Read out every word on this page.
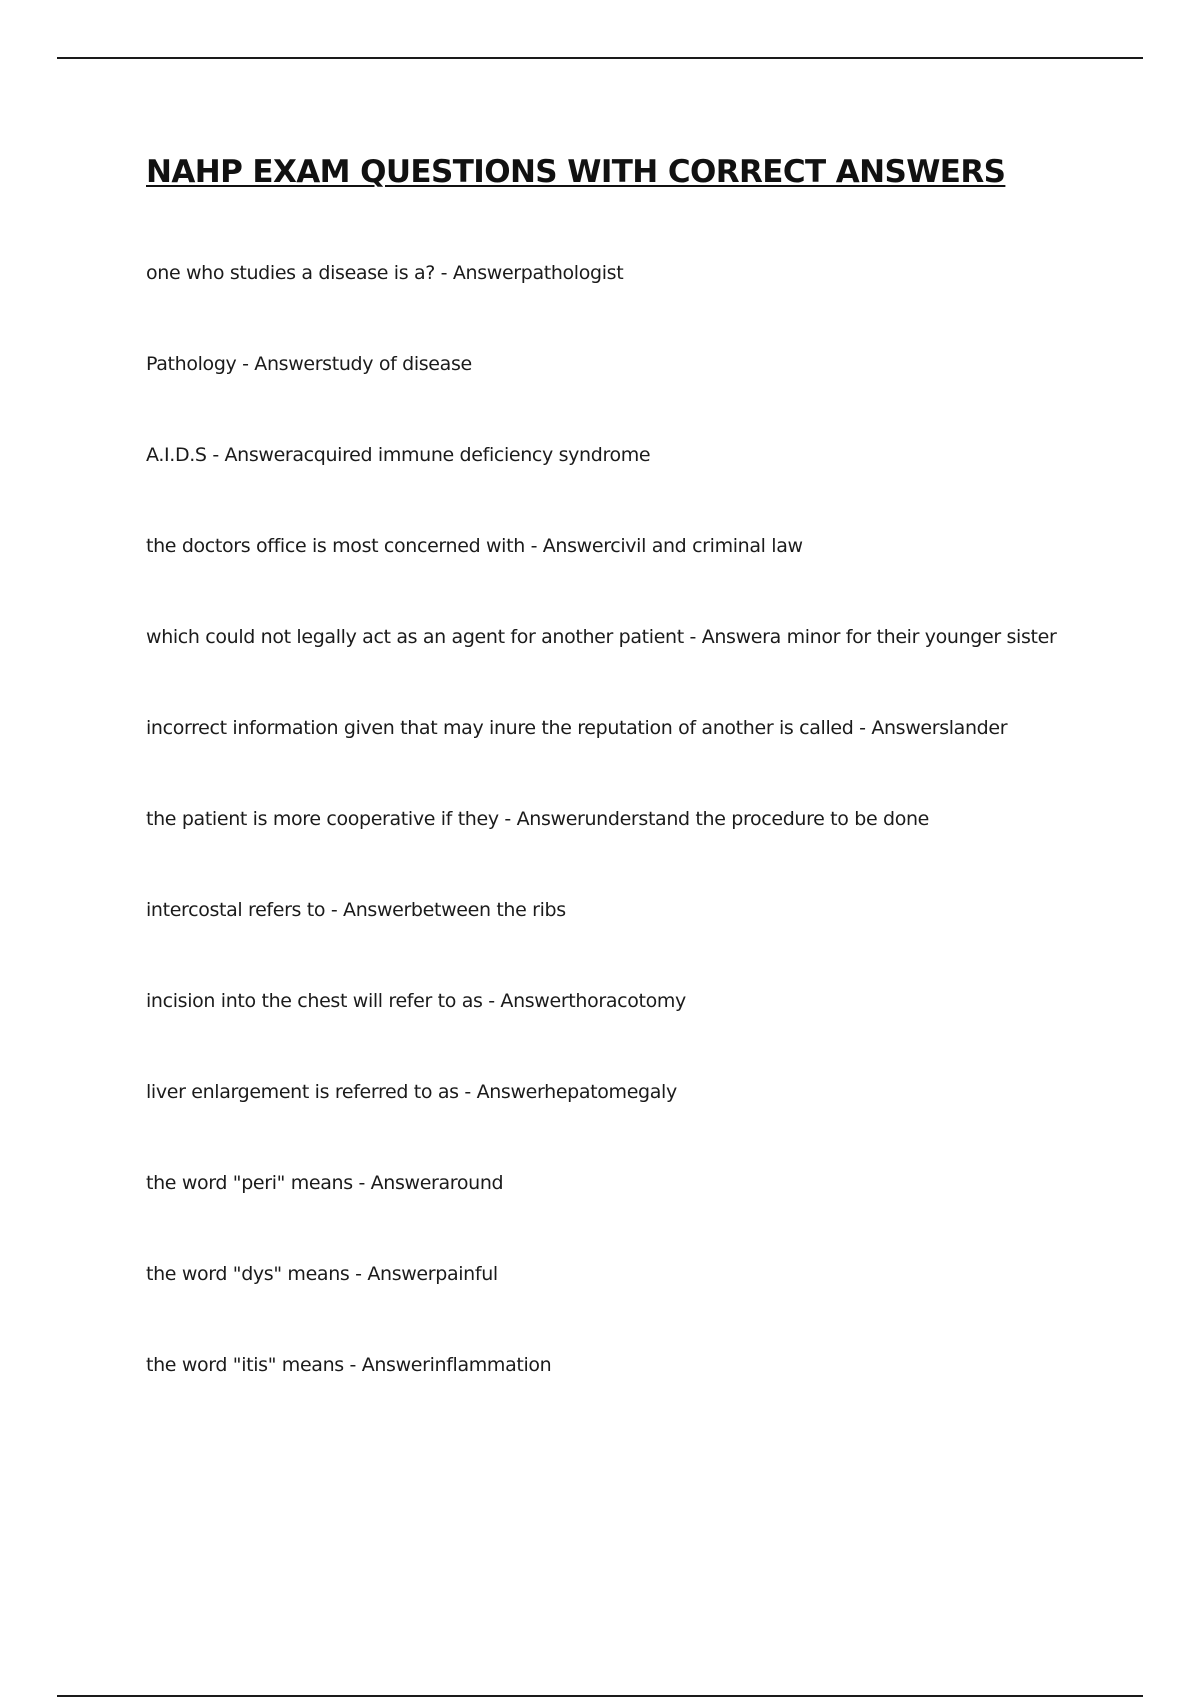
NAHP EXAM QUESTIONS WITH CORRECT ANSWERS
one who studies a disease is a? - Answerpathologist
Pathology - Answerstudy of disease
A.I.D.S - Answeracquired immune deficiency syndrome
the doctors office is most concerned with - Answercivil and criminal law
which could not legally act as an agent for another patient - Answera minor for their younger sister
incorrect information given that may inure the reputation of another is called - Answerslander
the patient is more cooperative if they - Answerunderstand the procedure to be done
intercostal refers to - Answerbetween the ribs
incision into the chest will refer to as - Answerthoracotomy
liver enlargement is referred to as - Answerhepatomegaly
the word "peri" means - Answeraround
the word "dys" means - Answerpainful
the word "itis" means - Answerinflammation
